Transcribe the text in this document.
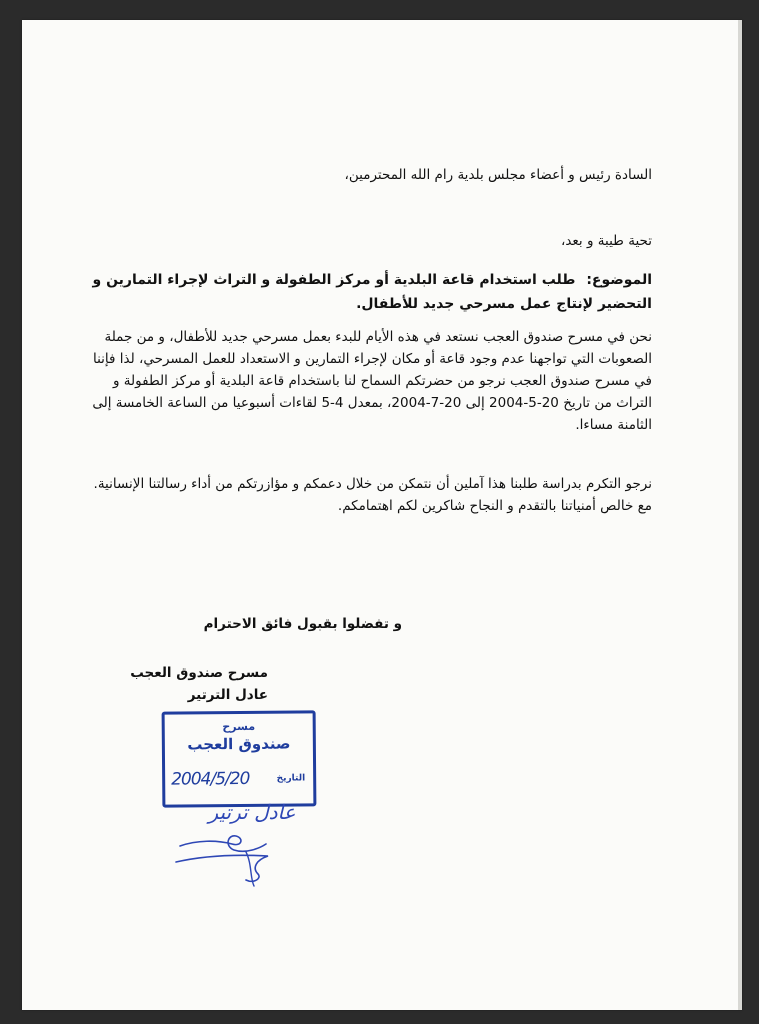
السادة رئيس و أعضاء مجلس بلدية رام الله المحترمين،
تحية طيبة و بعد،
الموضوع: طلب استخدام قاعة البلدية أو مركز الطفولة و التراث لإجراء التمارين و التحضير لإنتاج عمل مسرحي جديد للأطفال.

نحن في مسرح صندوق العجب نستعد في هذه الأيام للبدء بعمل مسرحي جديد للأطفال، و من جملة الصعوبات التي تواجهنا عدم وجود قاعة أو مكان لإجراء التمارين و الاستعداد للعمل المسرحي، لذا فإننا في مسرح صندوق العجب نرجو من حضرتكم السماح لنا باستخدام قاعة البلدية أو مركز الطفولة و التراث من تاريخ 20-5-2004 إلى 20-7-2004، بمعدل 4-5 لقاءات أسبوعيا من الساعة الخامسة إلى الثامنة مساءا.

نرجو التكرم بدراسة طلبنا هذا آملين أن نتمكن من خلال دعمكم و مؤازرتكم من أداء رسالتنا الإنسانية.

مع خالص أمنياتنا بالتقدم و النجاح شاكرين لكم اهتمامكم.

و تفضلوا بقبول فائق الاحترام

مسرح صندوق العجب

عادل الترتير

مسرح
صندوق العجب
التاريخ
2004/5/20
عادل ترتير
